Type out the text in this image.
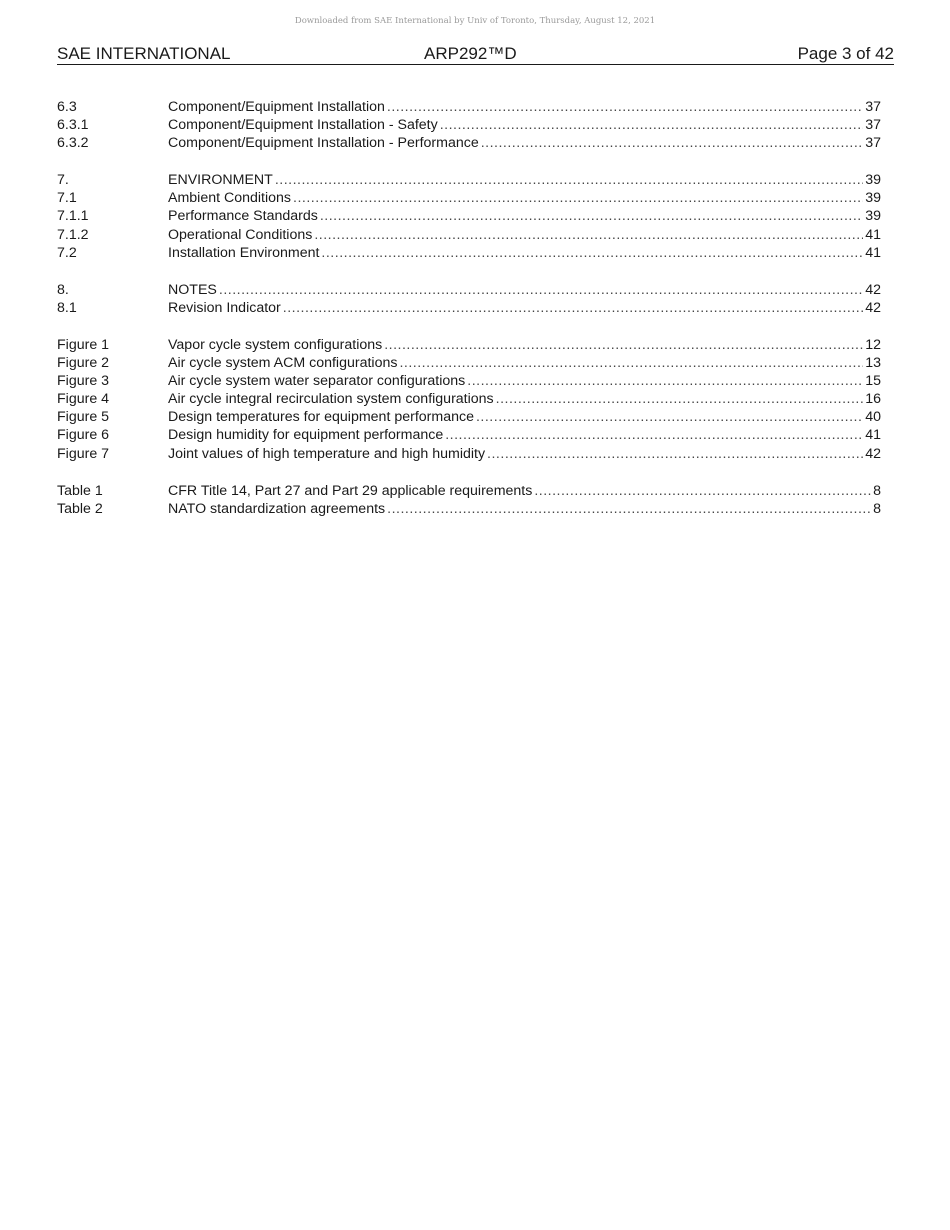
Downloaded from SAE International by Univ of Toronto, Thursday, August 12, 2021
SAE INTERNATIONAL	ARP292™D	Page 3 of 42
6.3	Component/Equipment Installation .....	37
6.3.1	Component/Equipment Installation - Safety .....	37
6.3.2	Component/Equipment Installation - Performance .....	37
7.	ENVIRONMENT .....	39
7.1	Ambient Conditions .....	39
7.1.1	Performance Standards .....	39
7.1.2	Operational Conditions .....	41
7.2	Installation Environment .....	41
8.	NOTES .....	42
8.1	Revision Indicator .....	42
Figure 1	Vapor cycle system configurations .....	12
Figure 2	Air cycle system ACM configurations .....	13
Figure 3	Air cycle system water separator configurations .....	15
Figure 4	Air cycle integral recirculation system configurations .....	16
Figure 5	Design temperatures for equipment performance .....	40
Figure 6	Design humidity for equipment performance .....	41
Figure 7	Joint values of high temperature and high humidity .....	42
Table 1	CFR Title 14, Part 27 and Part 29 applicable requirements .....	8
Table 2	NATO standardization agreements .....	8
